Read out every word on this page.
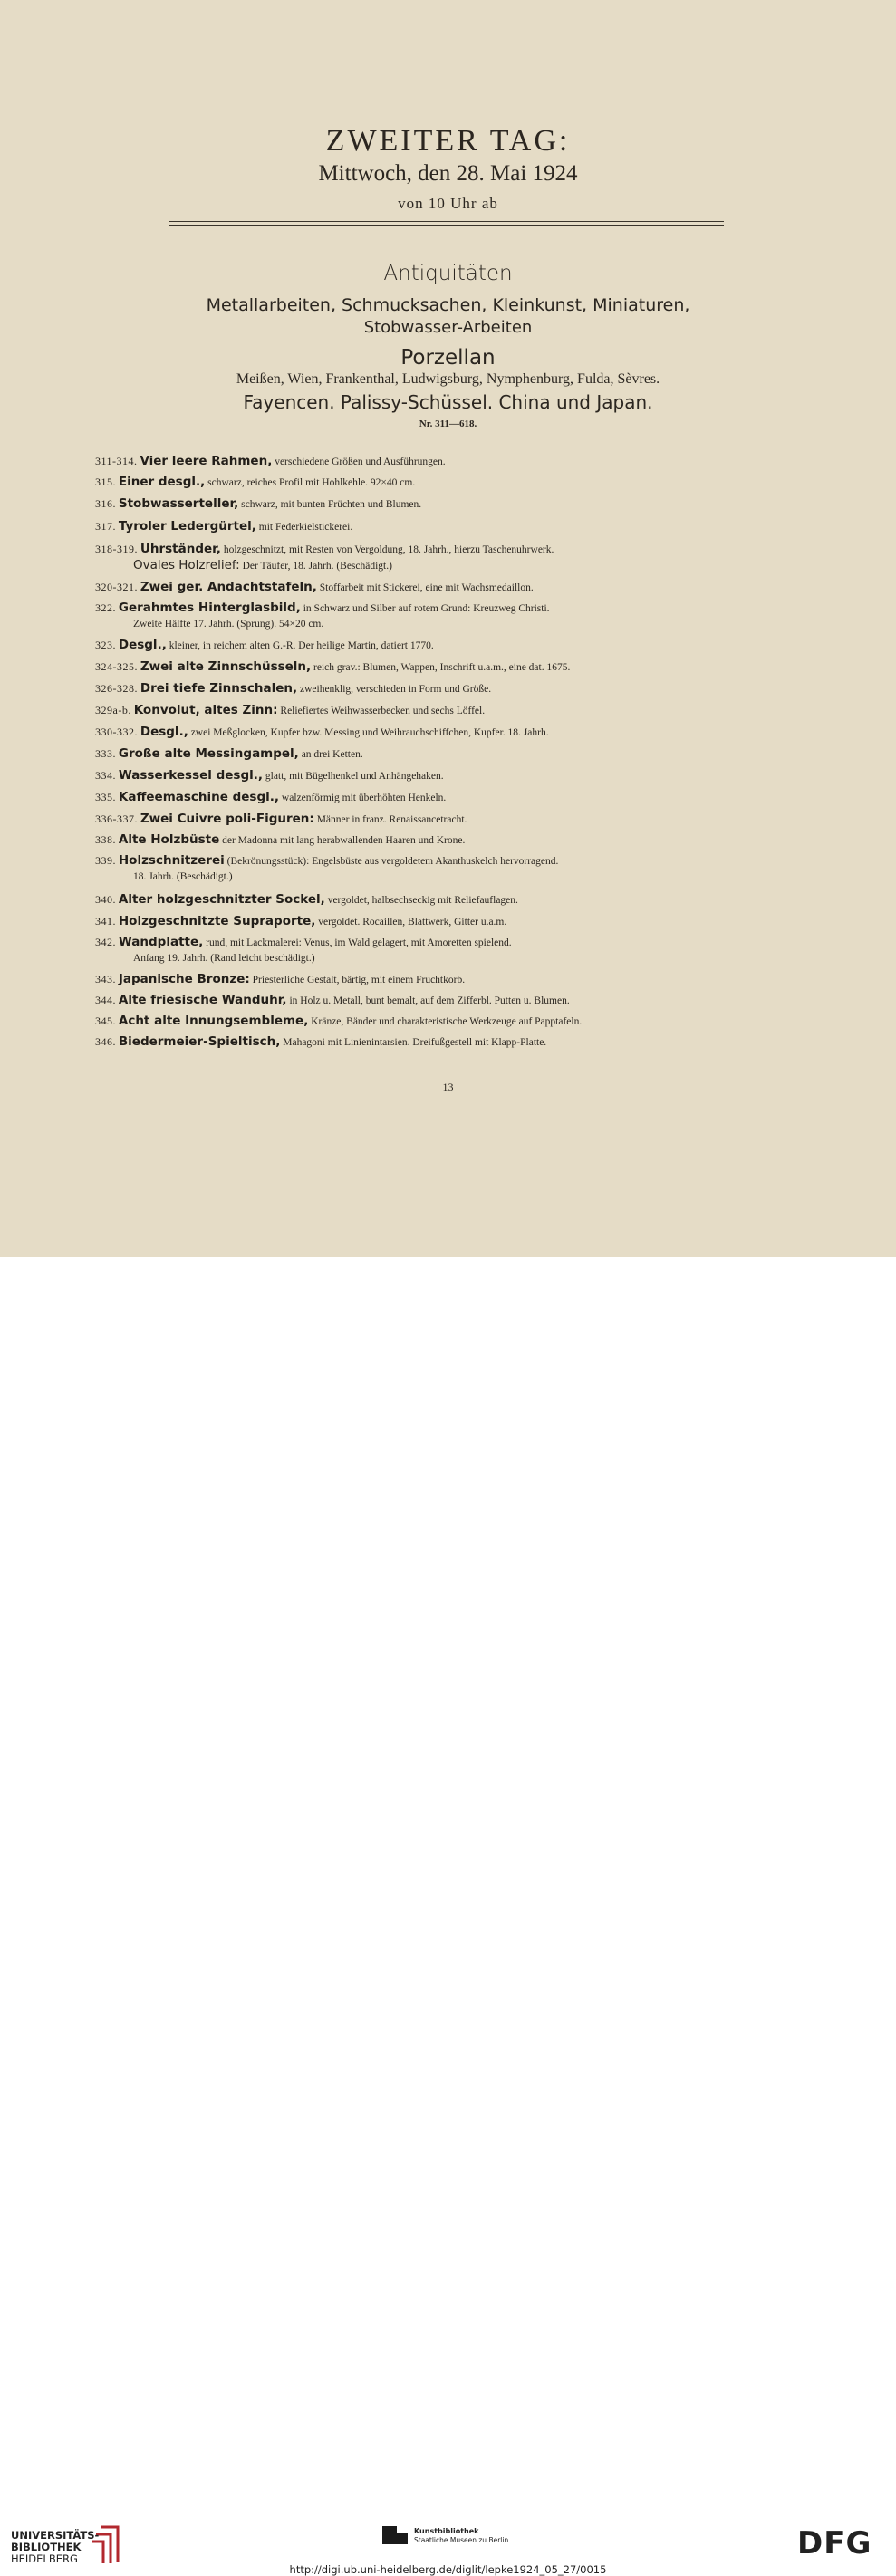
ZWEITER TAG:
Mittwoch, den 28. Mai 1924
von 10 Uhr ab
Antiquitäten
Metallarbeiten, Schmucksachen, Kleinkunst, Miniaturen,
Stobwasser-Arbeiten
Porzellan
Meißen, Wien, Frankenthal, Ludwigsburg, Nymphenburg, Fulda, Sèvres.
Fayencen. Palissy-Schüssel. China und Japan.
Nr. 311—618.
311-314. Vier leere Rahmen, verschiedene Größen und Ausführungen.
315. Einer desgl., schwarz, reiches Profil mit Hohlkehle. 92×40 cm.
316. Stobwasserteller, schwarz, mit bunten Früchten und Blumen.
317. Tyroler Ledergürtel, mit Federkielstickerei.
318-319. Uhrständer, holzgeschnitzt, mit Resten von Vergoldung, 18. Jahrh., hierzu Taschenuhrwerk.
Ovales Holzrelief: Der Täufer, 18. Jahrh. (Beschädigt.)
320-321. Zwei ger. Andachtstafeln, Stoffarbeit mit Stickerei, eine mit Wachsmedaillon.
322. Gerahmtes Hinterglasbild, in Schwarz und Silber auf rotem Grund: Kreuzweg Christi.
Zweite Hälfte 17. Jahrh. (Sprung). 54×20 cm.
323. Desgl., kleiner, in reichem alten G.-R. Der heilige Martin, datiert 1770.
324-325. Zwei alte Zinnschüsseln, reich grav.: Blumen, Wappen, Inschrift u.a.m., eine dat. 1675.
326-328. Drei tiefe Zinnschalen, zweihenklig, verschieden in Form und Größe.
329a-b. Konvolut, altes Zinn: Reliefiertes Weihwasserbecken und sechs Löffel.
330-332. Desgl., zwei Meßglocken, Kupfer bzw. Messing und Weihrauchschiffchen, Kupfer. 18. Jahrh.
333. Große alte Messingampel, an drei Ketten.
334. Wasserkessel desgl., glatt, mit Bügelhenkel und Anhängehaken.
335. Kaffeemaschine desgl., walzenförmig mit überhöhten Henkeln.
336-337. Zwei Cuivre poli-Figuren: Männer in franz. Renaissancetracht.
338. Alte Holzbüste der Madonna mit lang herabwallenden Haaren und Krone.
339. Holzschnitzerei (Bekrönungsstück): Engelsbüste aus vergoldetem Akanthuskelch hervorragend.
18. Jahrh. (Beschädigt.)
340. Alter holzgeschnitzter Sockel, vergoldet, halbsechseckig mit Reliefauflagen.
341. Holzgeschnitzte Supraporte, vergoldet. Rocaillen, Blattwerk, Gitter u.a.m.
342. Wandplatte, rund, mit Lackmalerei: Venus, im Wald gelagert, mit Amoretten spielend.
Anfang 19. Jahrh. (Rand leicht beschädigt.)
343. Japanische Bronze: Priesterliche Gestalt, bärtig, mit einem Fruchtkorb.
344. Alte friesische Wanduhr, in Holz u. Metall, bunt bemalt, auf dem Zifferbl. Putten u. Blumen.
345. Acht alte Innungsembleme, Kränze, Bänder und charakteristische Werkzeuge auf Papptafeln.
346. Biedermeier-Spieltisch, Mahagoni mit Linienintarsien. Dreifußgestell mit Klapp-Platte.
13
UNIVERSITÄTS-
BIBLIOTHEK
HEIDELBERG
Kunstbibliothek
Staatliche Museen zu Berlin	DFG
http://digi.ub.uni-heidelberg.de/diglit/lepke1924_05_27/0015
